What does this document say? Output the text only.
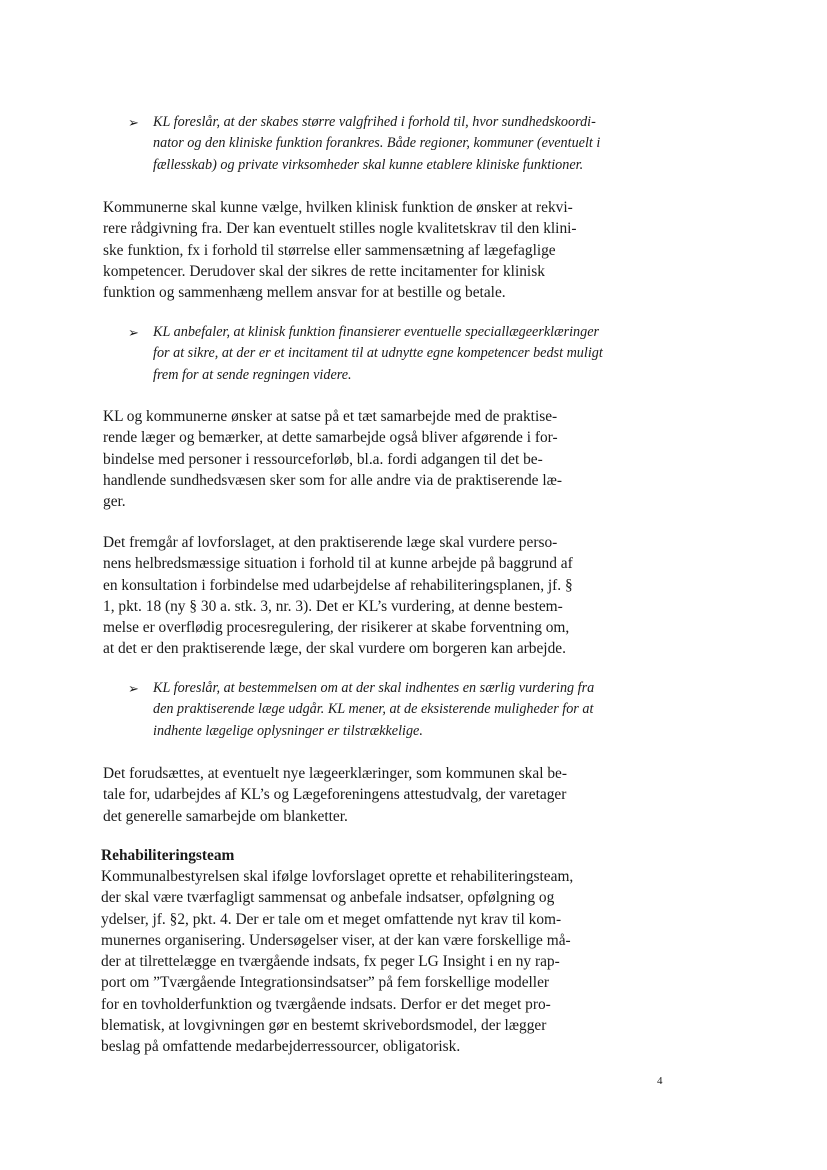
➢ KL foreslår, at der skabes større valgfrihed i forhold til, hvor sundhedskoordi-
nator og den kliniske funktion forankres. Både regioner, kommuner (eventuelt i
fællesskab) og private virksomheder skal kunne etablere kliniske funktioner.
Kommunerne skal kunne vælge, hvilken klinisk funktion de ønsker at rekvi-
rere rådgivning fra. Der kan eventuelt stilles nogle kvalitetskrav til den klini-
ske funktion, fx i forhold til størrelse eller sammensætning af lægefaglige
kompetencer. Derudover skal der sikres de rette incitamenter for klinisk
funktion og sammenhæng mellem ansvar for at bestille og betale.
➢ KL anbefaler, at klinisk funktion finansierer eventuelle speciallægeerklæringer
for at sikre, at der er et incitament til at udnytte egne kompetencer bedst muligt
frem for at sende regningen videre.
KL og kommunerne ønsker at satse på et tæt samarbejde med de praktise-
rende læger og bemærker, at dette samarbejde også bliver afgørende i for-
bindelse med personer i ressourceforløb, bl.a. fordi adgangen til det be-
handlende sundhedsvæsen sker som for alle andre via de praktiserende læ-
ger.
Det fremgår af lovforslaget, at den praktiserende læge skal vurdere perso-
nens helbredsmæssige situation i forhold til at kunne arbejde på baggrund af
en konsultation i forbindelse med udarbejdelse af rehabiliteringsplanen, jf. §
1, pkt. 18 (ny § 30 a. stk. 3, nr. 3). Det er KL’s vurdering, at denne bestem-
melse er overflødig procesregulering, der risikerer at skabe forventning om,
at det er den praktiserende læge, der skal vurdere om borgeren kan arbejde.
➢ KL foreslår, at bestemmelsen om at der skal indhentes en særlig vurdering fra
den praktiserende læge udgår. KL mener, at de eksisterende muligheder for at
indhente lægelige oplysninger er tilstrækkelige.
Det forudsættes, at eventuelt nye lægeerklæringer, som kommunen skal be-
tale for, udarbejdes af KL’s og Lægeforeningens attestudvalg, der varetager
det generelle samarbejde om blanketter.
Rehabiliteringsteam
Kommunalbestyrelsen skal ifølge lovforslaget oprette et rehabiliteringsteam,
der skal være tværfagligt sammensat og anbefale indsatser, opfølgning og
ydelser, jf. §2, pkt. 4. Der er tale om et meget omfattende nyt krav til kom-
munernes organisering. Undersøgelser viser, at der kan være forskellige må-
der at tilrettelægge en tværgående indsats, fx peger LG Insight i en ny rap-
port om ”Tværgående Integrationsindsatser” på fem forskellige modeller
for en tovholderfunktion og tværgående indsats. Derfor er det meget pro-
blematisk, at lovgivningen gør en bestemt skrivebordsmodel, der lægger
beslag på omfattende medarbejderressourcer, obligatorisk.
4
